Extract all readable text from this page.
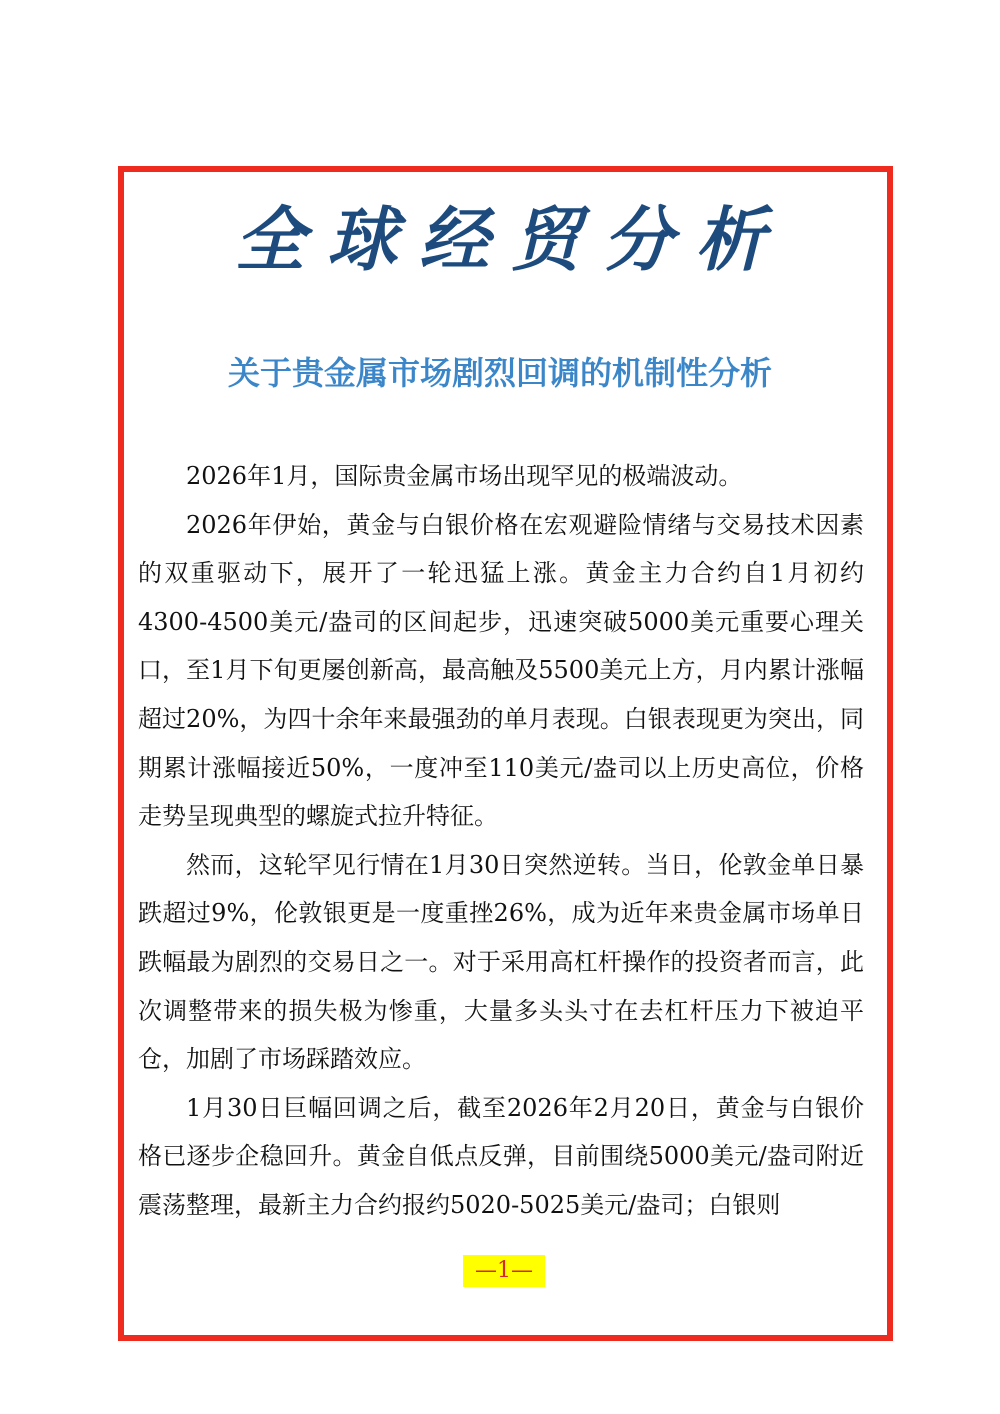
全球经贸分析
关于贵金属市场剧烈回调的机制性分析

2026年1月，国际贵金属市场出现罕见的极端波动。

2026年伊始，黄金与白银价格在宏观避险情绪与交易技术因素的双重驱动下，展开了一轮迅猛上涨。黄金主力合约自1月初约4300-4500美元/盎司的区间起步，迅速突破5000美元重要心理关口，至1月下旬更屡创新高，最高触及5500美元上方，月内累计涨幅超过20%，为四十余年来最强劲的单月表现。白银表现更为突出，同期累计涨幅接近50%，一度冲至110美元/盎司以上历史高位，价格走势呈现典型的螺旋式拉升特征。

然而，这轮罕见行情在1月30日突然逆转。当日，伦敦金单日暴跌超过9%，伦敦银更是一度重挫26%，成为近年来贵金属市场单日跌幅最为剧烈的交易日之一。对于采用高杠杆操作的投资者而言，此次调整带来的损失极为惨重，大量多头头寸在去杠杆压力下被迫平仓，加剧了市场踩踏效应。

1月30日巨幅回调之后，截至2026年2月20日，黄金与白银价格已逐步企稳回升。黄金自低点反弹，目前围绕5000美元/盎司附近震荡整理，最新主力合约报约5020-5025美元/盎司；白银则

—1—
